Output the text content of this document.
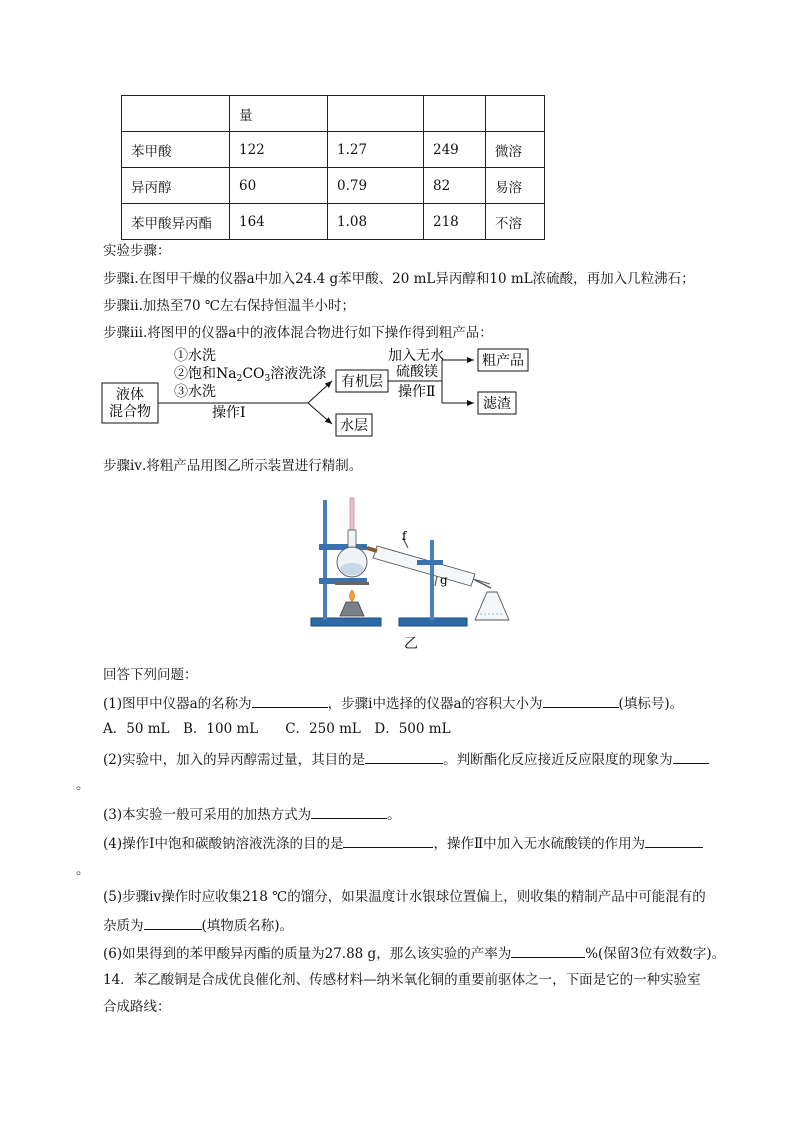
	量			
苯甲酸	122	1.27	249	微溶
异丙醇	60	0.79	82	易溶
苯甲酸异丙酯	164	1.08	218	不溶
实验步骤：
步骤ⅰ.在图甲干燥的仪器a中加入24.4 g苯甲酸、20 mL异丙醇和10 mL浓硫酸，再加入几粒沸石；
步骤ⅱ.加热至70 ℃左右保持恒温半小时；
步骤ⅲ.将图甲的仪器a中的液体混合物进行如下操作得到粗产品：
液体
混合物
①水洗
②饱和$Na_2CO_3$溶液洗涤
③水洗
操作Ⅰ
有机层
水层
加入无水
硫酸镁
操作Ⅱ
粗产品
滤渣
步骤ⅳ.将粗产品用图乙所示装置进行精制。
f
g
乙
回答下列问题：
(1)图甲中仪器a的名称为	，步骤ⅰ中选择的仪器a的容积大小为	(填标号)。
A．50 mL　B．100 mL　　C．250 mL　D．500 mL
(2)实验中，加入的异丙醇需过量，其目的是	。判断酯化反应接近反应限度的现象为
。
(3)本实验一般可采用的加热方式为	。
(4)操作Ⅰ中饱和碳酸钠溶液洗涤的目的是	，操作Ⅱ中加入无水硫酸镁的作用为
。
(5)步骤ⅳ操作时应收集218 ℃的馏分，如果温度计水银球位置偏上，则收集的精制产品中可能混有的
杂质为	(填物质名称)。
(6)如果得到的苯甲酸异丙酯的质量为27.88 g，那么该实验的产率为	%(保留3位有效数字)。
14．苯乙酸铜是合成优良催化剂、传感材料—纳米氧化铜的重要前驱体之一，下面是它的一种实验室
合成路线：
